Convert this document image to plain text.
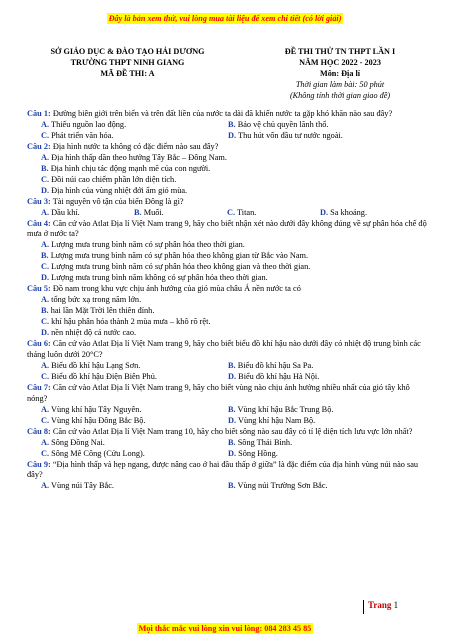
Đây là bản xem thử, vui lòng mua tài liệu để xem chi tiết (có lời giải)
SỞ GIÁO DỤC & ĐÀO TẠO HẢI DƯƠNG
TRƯỜNG THPT NINH GIANG
MÃ ĐỀ THI: A
ĐỀ THI THỬ TN THPT LẦN I
NĂM HỌC 2022 - 2023
Môn: Địa lí
Thời gian làm bài: 50 phút
(Không tính thời gian giao đề)
Câu 1: Đường biên giới trên biển và trên đất liền của nước ta dài đã khiến nước ta gặp khó khăn nào sau đây?
A. Thiếu nguồn lao động.	B. Bảo vệ chủ quyền lãnh thổ.
C. Phát triển văn hóa.	D. Thu hút vốn đầu tư nước ngoài.
Câu 2: Địa hình nước ta không có đặc điểm nào sau đây?
A. Địa hình thấp dần theo hướng Tây Bắc – Đông Nam.
B. Địa hình chịu tác động mạnh mẽ của con người.
C. Đồi núi cao chiếm phần lớn diện tích.
D. Địa hình của vùng nhiệt đới ẩm gió mùa.
Câu 3: Tài nguyên vô tận của biển Đông là gì?
A. Dầu khí.	B. Muối.	C. Titan.	D. Sa khoáng.
Câu 4: Căn cứ vào Atlat Địa lí Việt Nam trang 9, hãy cho biết nhận xét nào dưới đây không đúng về sự phân hóa chế độ mưa ở nước ta?
A. Lượng mưa trung bình năm có sự phân hóa theo thời gian.
B. Lượng mưa trung bình năm có sự phân hóa theo không gian từ Bắc vào Nam.
C. Lượng mưa trung bình năm có sự phân hóa theo không gian và theo thời gian.
D. Lượng mưa trung bình năm không có sự phân hóa theo thời gian.
Câu 5: Đồ nam trong khu vực chịu ảnh hưởng của gió mùa châu Á nền nước ta có
A. tổng bức xạ trong năm lớn.
B. hai lần Mặt Trời lên thiên đỉnh.
C. khí hậu phân hóa thành 2 mùa mưa – khô rõ rệt.
D. nền nhiệt độ cả nước cao.
Câu 6: Căn cứ vào Atlat Địa lí Việt Nam trang 9, hãy cho biết biểu đồ khí hậu nào dưới đây có nhiệt độ trung bình các tháng luôn dưới 20°C?
A. Biểu đồ khí hậu Lạng Sơn.	B. Biểu đồ khí hậu Sa Pa.
C. Biểu đồ khí hậu Điện Biên Phủ.	D. Biểu đồ khí hậu Hà Nội.
Câu 7: Căn cứ vào Atlat Địa lí Việt Nam trang 9, hãy cho biết vùng nào chịu ảnh hưởng nhiều nhất của gió tây khô nóng?
A. Vùng khí hậu Tây Nguyên.	B. Vùng khí hậu Bắc Trung Bộ.
C. Vùng khí hậu Đông Bắc Bộ.	D. Vùng khí hậu Nam Bộ.
Câu 8: Căn cứ vào Atlat Địa lí Việt Nam trang 10, hãy cho biết sông nào sau đây có tỉ lệ diện tích lưu vực lớn nhất?
A. Sông Đồng Nai.	B. Sông Thái Bình.
C. Sông Mê Công (Cửu Long).	D. Sông Hồng.
Câu 9: “Địa hình thấp và hẹp ngang, được nâng cao ở hai đầu thấp ở giữa” là đặc điểm của địa hình vùng núi nào sau đây?
A. Vùng núi Tây Bắc.	B. Vùng núi Trường Sơn Bắc.
Trang 1
Mọi thắc mắc vui lòng xin vui lòng: 084 283 45 85
